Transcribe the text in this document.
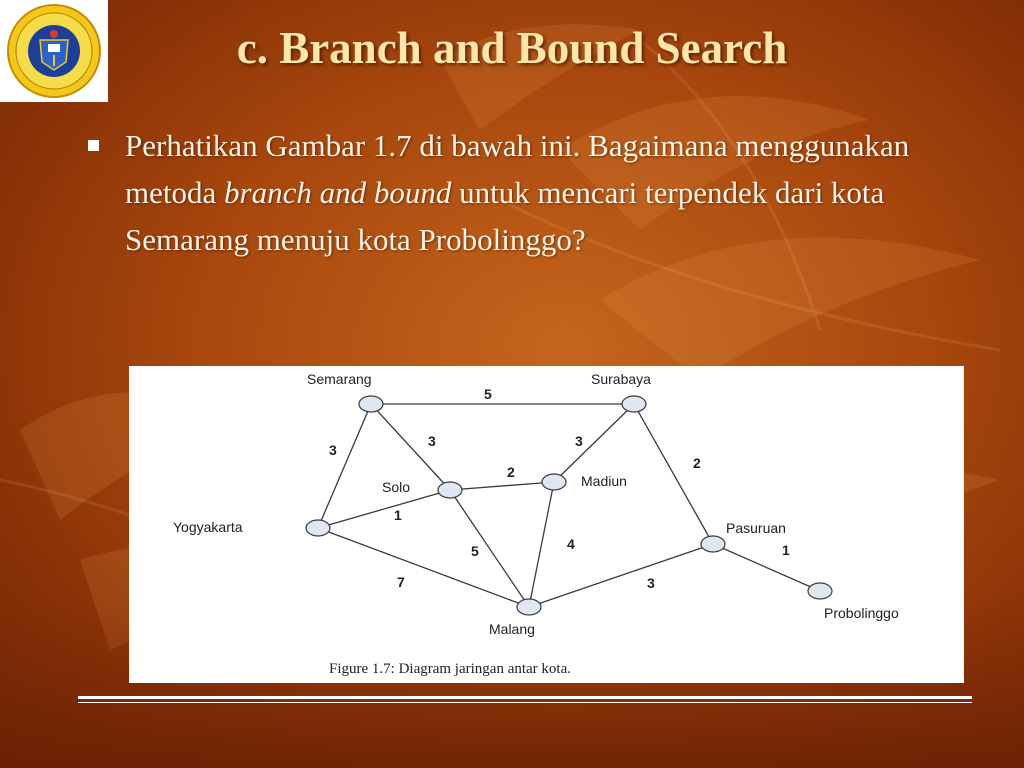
c. Branch and Bound Search
Perhatikan Gambar 1.7 di bawah ini. Bagaimana menggunakan metoda branch and bound untuk mencari terpendek dari kota Semarang menuju kota Probolinggo?
5
3
3	3
2
2
1
5	4
7	3
1
Semarang	Surabaya
Solo	Madiun
Yogyakarta	Pasuruan
Malang
Probolinggo
Figure 1.7: Diagram jaringan antar kota.
